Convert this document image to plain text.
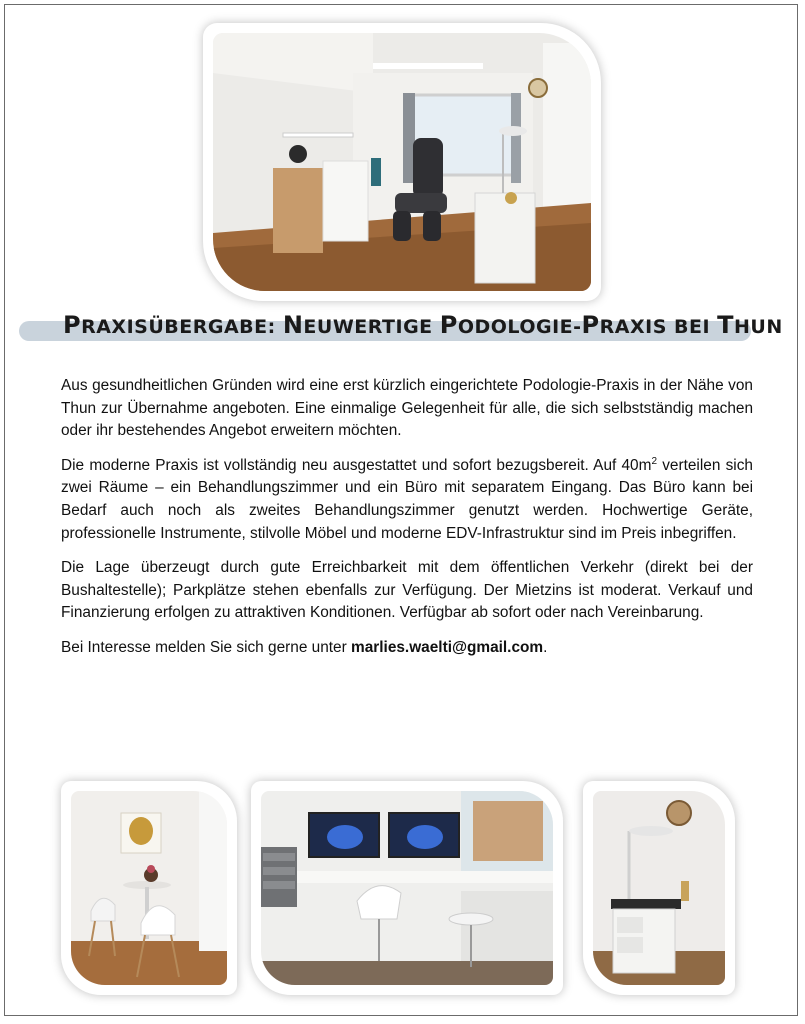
PRAXISÜBERGABE: NEUWERTIGE PODOLOGIE-PRAXIS BEI THUN

Aus gesundheitlichen Gründen wird eine erst kürzlich eingerichtete Podologie-Praxis in der Nähe von Thun zur Übernahme angeboten. Eine einmalige Gelegenheit für alle, die sich selbstständig machen oder ihr bestehendes Angebot erweitern möchten.

Die moderne Praxis ist vollständig neu ausgestattet und sofort bezugsbereit. Auf $40m^2$ verteilen sich zwei Räume – ein Behandlungszimmer und ein Büro mit separatem Eingang. Das Büro kann bei Bedarf auch noch als zweites Behandlungszimmer genutzt werden. Hochwertige Geräte, professionelle Instrumente, stilvolle Möbel und moderne EDV-Infrastruktur sind im Preis inbegriffen.

Die Lage überzeugt durch gute Erreichbarkeit mit dem öffentlichen Verkehr (direkt bei der Bushaltestelle); Parkplätze stehen ebenfalls zur Verfügung. Der Mietzins ist moderat. Verkauf und Finanzierung erfolgen zu attraktiven Konditionen. Verfügbar ab sofort oder nach Vereinbarung.

Bei Interesse melden Sie sich gerne unter marlies.waelti@gmail.com.
